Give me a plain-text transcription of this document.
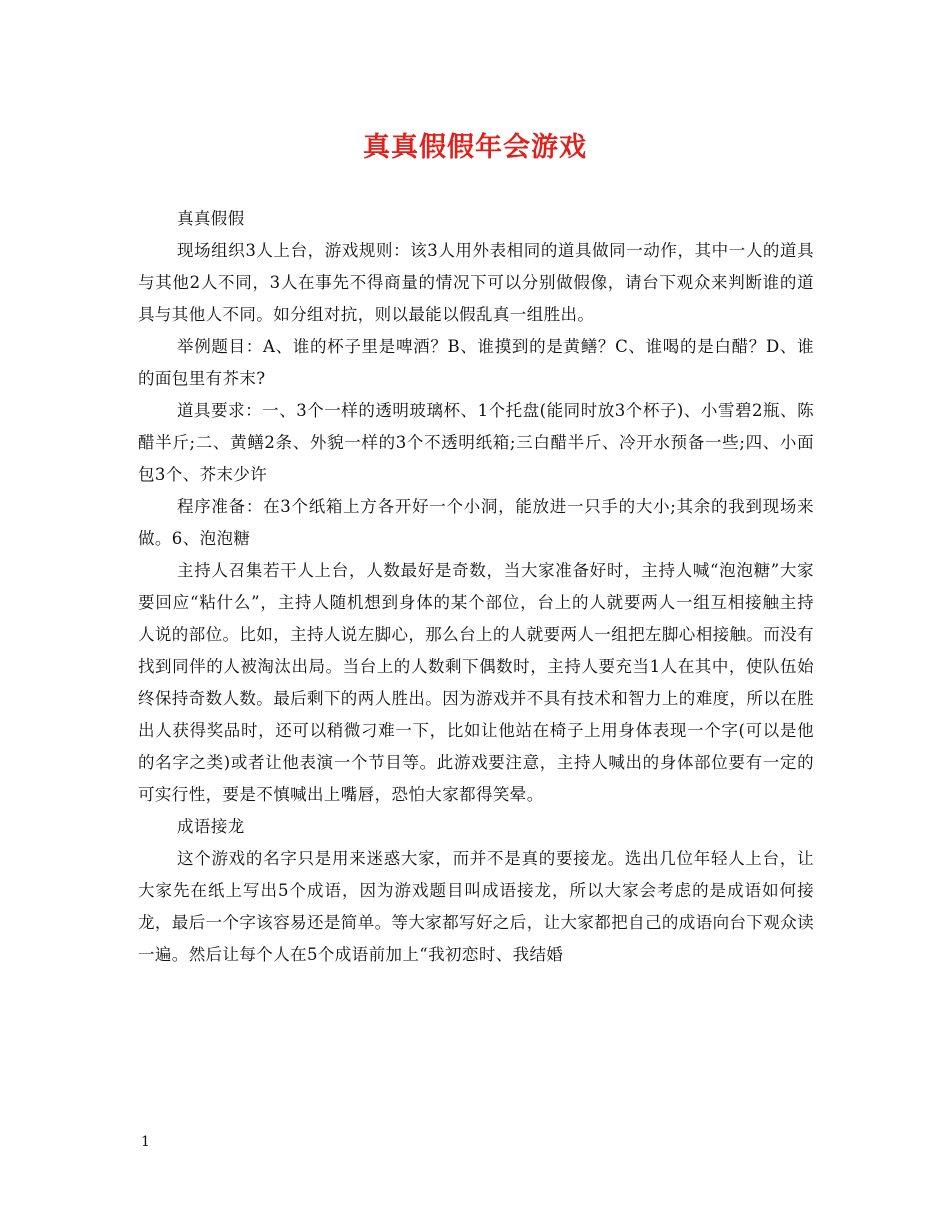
真真假假年会游戏

真真假假

现场组织3人上台，游戏规则：该3人用外表相同的道具做同一动作，其中一人的道具与其他2人不同，3人在事先不得商量的情况下可以分别做假像，请台下观众来判断谁的道具与其他人不同。如分组对抗，则以最能以假乱真一组胜出。

举例题目：A、谁的杯子里是啤酒？B、谁摸到的是黄鳝？C、谁喝的是白醋？D、谁的面包里有芥末?

道具要求：一、3个一样的透明玻璃杯、1个托盘(能同时放3个杯子)、小雪碧2瓶、陈醋半斤;二、黄鳝2条、外貌一样的3个不透明纸箱;三白醋半斤、冷开水预备一些;四、小面包3个、芥末少许

程序准备：在3个纸箱上方各开好一个小洞，能放进一只手的大小;其余的我到现场来做。6、泡泡糖

主持人召集若干人上台，人数最好是奇数，当大家准备好时，主持人喊“泡泡糖”大家要回应“粘什么”，主持人随机想到身体的某个部位，台上的人就要两人一组互相接触主持人说的部位。比如，主持人说左脚心，那么台上的人就要两人一组把左脚心相接触。而没有找到同伴的人被淘汰出局。当台上的人数剩下偶数时，主持人要充当1人在其中，使队伍始终保持奇数人数。最后剩下的两人胜出。因为游戏并不具有技术和智力上的难度，所以在胜出人获得奖品时，还可以稍微刁难一下，比如让他站在椅子上用身体表现一个字(可以是他的名字之类)或者让他表演一个节目等。此游戏要注意，主持人喊出的身体部位要有一定的可实行性，要是不慎喊出上嘴唇，恐怕大家都得笑晕。

成语接龙

这个游戏的名字只是用来迷惑大家，而并不是真的要接龙。选出几位年轻人上台，让大家先在纸上写出5个成语，因为游戏题目叫成语接龙，所以大家会考虑的是成语如何接龙，最后一个字该容易还是简单。等大家都写好之后，让大家都把自己的成语向台下观众读一遍。然后让每个人在5个成语前加上“我初恋时、我结婚

1
